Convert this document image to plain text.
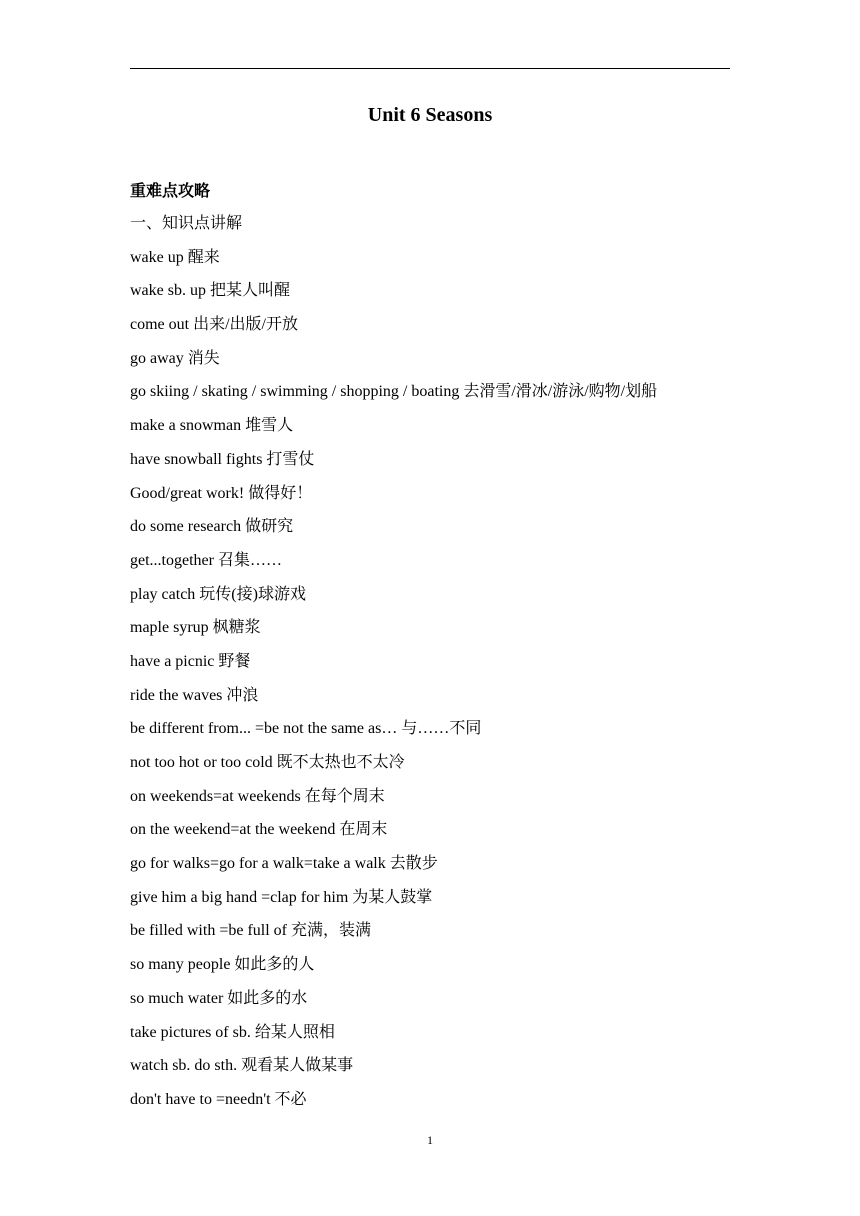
Unit 6 Seasons
重难点攻略
一、知识点讲解
wake up 醒来
wake sb. up 把某人叫醒
come out 出来/出版/开放
go away 消失
go skiing / skating / swimming / shopping / boating 去滑雪/滑冰/游泳/购物/划船
make a snowman 堆雪人
have snowball fights 打雪仗
Good/great work! 做得好！
do some research 做研究
get...together 召集……
play catch 玩传(接)球游戏
maple syrup 枫糖浆
have a picnic 野餐
ride the waves 冲浪
be different from... =be not the same as… 与……不同
not too hot or too cold 既不太热也不太冷
on weekends=at weekends 在每个周末
on the weekend=at the weekend 在周末
go for walks=go for a walk=take a walk 去散步
give him a big hand =clap for him 为某人鼓掌
be filled with =be full of 充满，装满
so many people 如此多的人
so much water 如此多的水
take pictures of sb. 给某人照相
watch sb. do sth. 观看某人做某事
don't have to =needn't 不必
1
